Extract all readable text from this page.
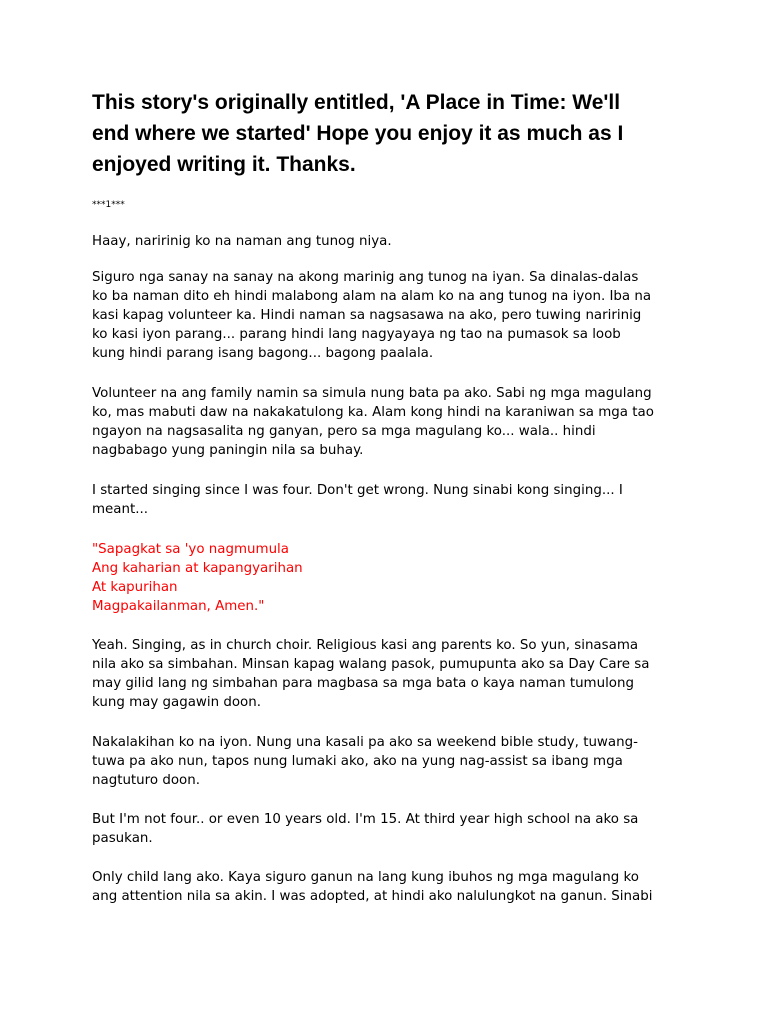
This story's originally entitled, 'A Place in Time: We'll
end where we started' Hope you enjoy it as much as I
enjoyed writing it. Thanks.

***1***

Haay, naririnig ko na naman ang tunog niya.

Siguro nga sanay na sanay na akong marinig ang tunog na iyan. Sa dinalas-dalas
ko ba naman dito eh hindi malabong alam na alam ko na ang tunog na iyon. Iba na
kasi kapag volunteer ka. Hindi naman sa nagsasawa na ako, pero tuwing naririnig
ko kasi iyon parang... parang hindi lang nagyayaya ng tao na pumasok sa loob
kung hindi parang isang bagong... bagong paalala.

Volunteer na ang family namin sa simula nung bata pa ako. Sabi ng mga magulang
ko, mas mabuti daw na nakakatulong ka. Alam kong hindi na karaniwan sa mga tao
ngayon na nagsasalita ng ganyan, pero sa mga magulang ko... wala.. hindi
nagbabago yung paningin nila sa buhay.

I started singing since I was four. Don't get wrong. Nung sinabi kong singing... I
meant...

"Sapagkat sa 'yo nagmumula
Ang kaharian at kapangyarihan
At kapurihan
Magpakailanman, Amen."

Yeah. Singing, as in church choir. Religious kasi ang parents ko. So yun, sinasama
nila ako sa simbahan. Minsan kapag walang pasok, pumupunta ako sa Day Care sa
may gilid lang ng simbahan para magbasa sa mga bata o kaya naman tumulong
kung may gagawin doon.

Nakalakihan ko na iyon. Nung una kasali pa ako sa weekend bible study, tuwang-
tuwa pa ako nun, tapos nung lumaki ako, ako na yung nag-assist sa ibang mga
nagtuturo doon.

But I'm not four.. or even 10 years old. I'm 15. At third year high school na ako sa
pasukan.

Only child lang ako. Kaya siguro ganun na lang kung ibuhos ng mga magulang ko
ang attention nila sa akin. I was adopted, at hindi ako nalulungkot na ganun. Sinabi
